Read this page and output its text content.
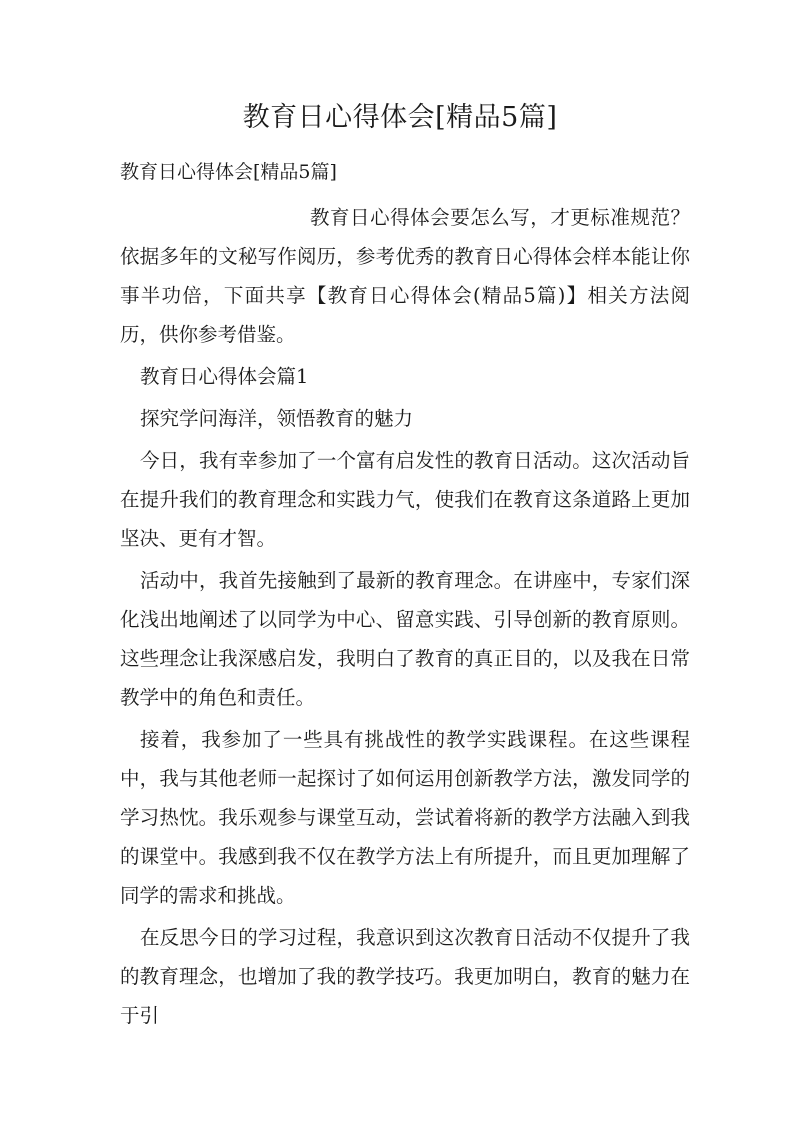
教育日心得体会[精品5篇]

教育日心得体会[精品5篇]

教育日心得体会要怎么写，才更标准规范？依据多年的文秘写作阅历，参考优秀的教育日心得体会样本能让你事半功倍，下面共享【教育日心得体会(精品5篇)】相关方法阅历，供你参考借鉴。

教育日心得体会篇1

探究学问海洋，领悟教育的魅力

今日，我有幸参加了一个富有启发性的教育日活动。这次活动旨在提升我们的教育理念和实践力气，使我们在教育这条道路上更加坚决、更有才智。

活动中，我首先接触到了最新的教育理念。在讲座中，专家们深化浅出地阐述了以同学为中心、留意实践、引导创新的教育原则。这些理念让我深感启发，我明白了教育的真正目的，以及我在日常教学中的角色和责任。

接着，我参加了一些具有挑战性的教学实践课程。在这些课程中，我与其他老师一起探讨了如何运用创新教学方法，激发同学的学习热忱。我乐观参与课堂互动，尝试着将新的教学方法融入到我的课堂中。我感到我不仅在教学方法上有所提升，而且更加理解了同学的需求和挑战。

在反思今日的学习过程，我意识到这次教育日活动不仅提升了我的教育理念，也增加了我的教学技巧。我更加明白，教育的魅力在于引
